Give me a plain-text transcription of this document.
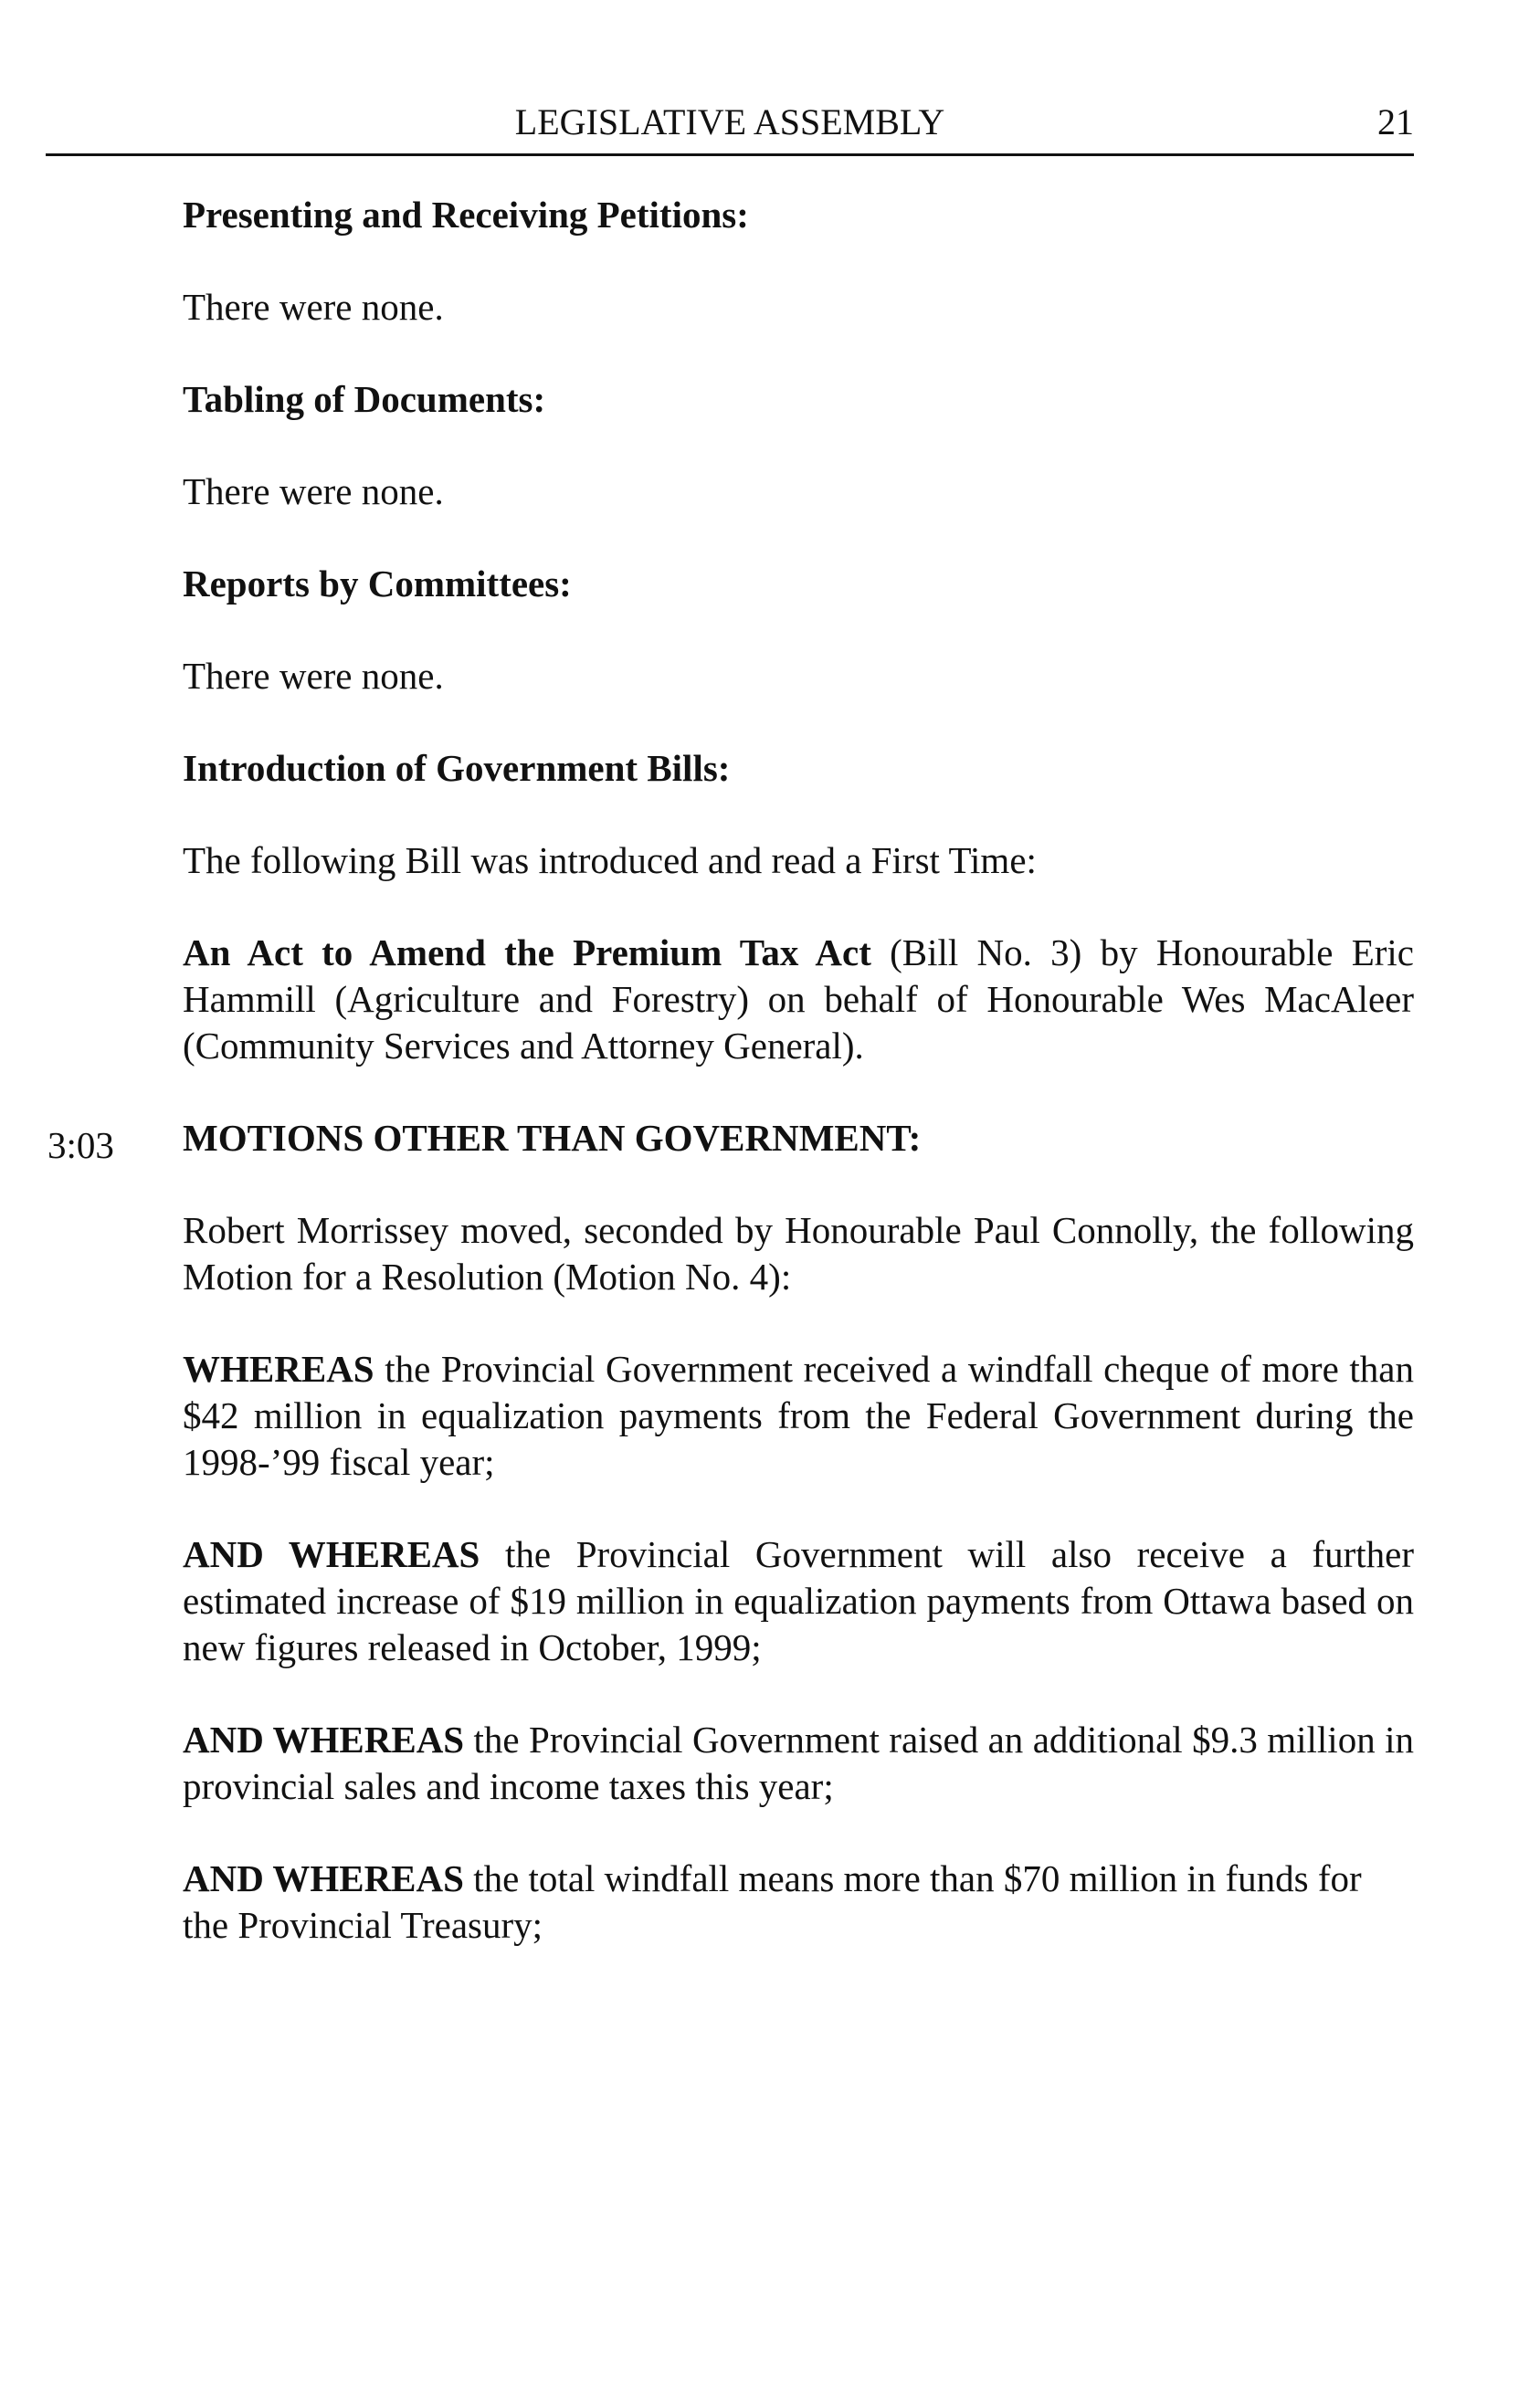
LEGISLATIVE ASSEMBLY	21
3:03
Presenting and Receiving Petitions:
There were none.
Tabling of Documents:
There were none.
Reports by Committees:
There were none.
Introduction of Government Bills:
The following Bill was introduced and read a First Time:
An Act to Amend the Premium Tax Act (Bill No. 3) by Honourable Eric Hammill (Agriculture and Forestry) on behalf of Honourable Wes MacAleer (Community Services and Attorney General).
MOTIONS OTHER THAN GOVERNMENT:
Robert Morrissey moved, seconded by Honourable Paul Connolly, the following Motion for a Resolution (Motion No. 4):
WHEREAS the Provincial Government received a windfall cheque of more than $42 million in equalization payments from the Federal Government during the 1998-’99 fiscal year;
AND WHEREAS the Provincial Government will also receive a further estimated increase of $19 million in equalization payments from Ottawa based on new figures released in October, 1999;
AND WHEREAS the Provincial Government raised an additional $9.3 million in provincial sales and income taxes this year;
AND WHEREAS the total windfall means more than $70 million in funds for the Provincial Treasury;
